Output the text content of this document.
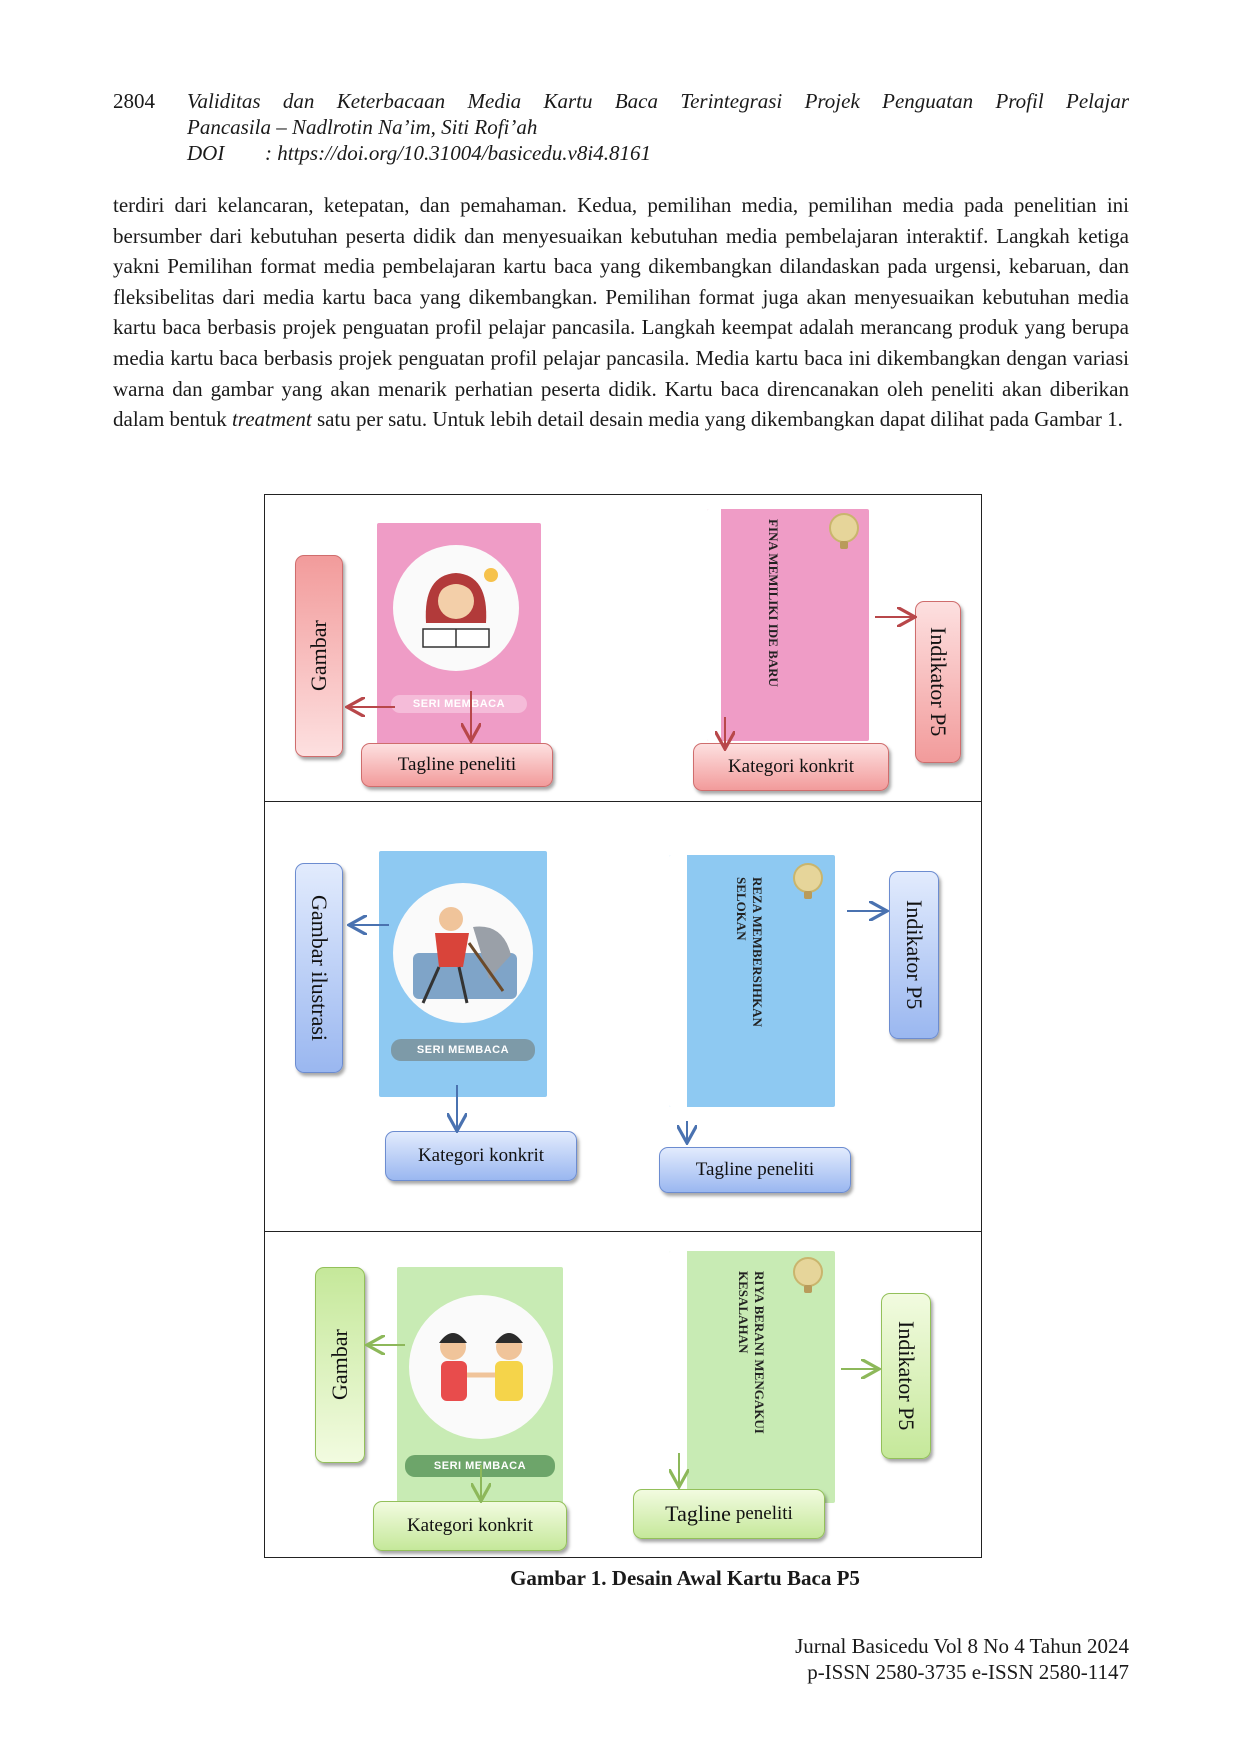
2804 Validitas dan Keterbacaan Media Kartu Baca Terintegrasi Projek Penguatan Profil Pelajar
Pancasila – Nadlrotin Na’im, Siti Rofi’ah
DOI : https://doi.org/10.31004/basicedu.v8i4.8161

terdiri dari kelancaran, ketepatan, dan pemahaman. Kedua, pemilihan media, pemilihan media pada penelitian ini bersumber dari kebutuhan peserta didik dan menyesuaikan kebutuhan media pembelajaran interaktif. Langkah ketiga yakni Pemilihan format media pembelajaran kartu baca yang dikembangkan dilandaskan pada urgensi, kebaruan, dan fleksibelitas dari media kartu baca yang dikembangkan. Pemilihan format juga akan menyesuaikan kebutuhan media kartu baca berbasis projek penguatan profil pelajar pancasila. Langkah keempat adalah merancang produk yang berupa media kartu baca berbasis projek penguatan profil pelajar pancasila. Media kartu baca ini dikembangkan dengan variasi warna dan gambar yang akan menarik perhatian peserta didik. Kartu baca direncanakan oleh peneliti akan diberikan dalam bentuk treatment satu per satu. Untuk lebih detail desain media yang dikembangkan dapat dilihat pada Gambar 1.

SERI MEMBACA
FINA MEMILIKI IDE BARU
Gambar
Tagline peneliti	Kategori konkrit
Indikator P5
SERI MEMBACA
REZA MEMBERSIHKAN SELOKAN
Gambar ilustrasi
Kategori konkrit
Tagline peneliti
Indikator P5
SERI MEMBACA
RIYA BERANI MENGAKUI KESALAHAN
Gambar
Kategori konkrit	Tagline
peneliti
Indikator P5
Gambar 1. Desain Awal Kartu Baca P5
Jurnal Basicedu Vol 8 No 4 Tahun 2024
p-ISSN 2580-3735 e-ISSN 2580-1147
